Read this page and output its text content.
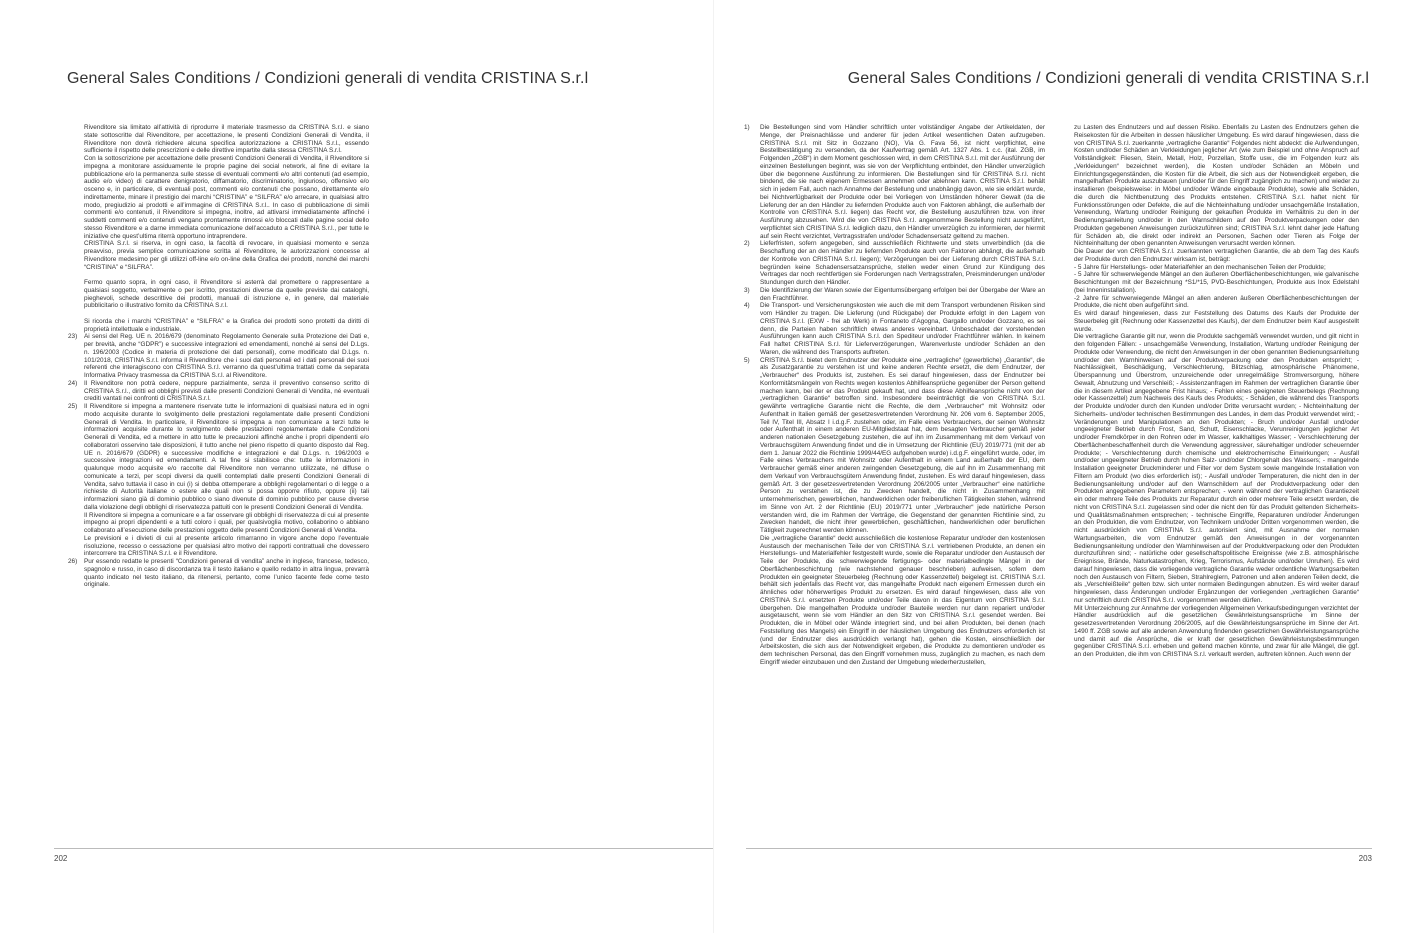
General Sales Conditions / Condizioni generali di vendita CRISTINA S.r.l

Rivenditore sia limitato all’attività di riprodurre il materiale trasmesso da CRISTINA S.r.l. e siano state sottoscritte dal Rivenditore, per accettazione, le presenti Condizioni Generali di Vendita, il Rivenditore non dovrà richiedere alcuna specifica autorizzazione a CRISTINA S.r.l., essendo sufficiente il rispetto delle prescrizioni e delle direttive impartite dalla stessa CRISTINA S.r.l.

Con la sottoscrizione per accettazione delle presenti Condizioni Generali di Vendita, il Rivenditore si impegna a monitorare assiduamente le proprie pagine dei social network, al fine di evitare la pubblicazione e/o la permanenza sulle stesse di eventuali commenti e/o altri contenuti (ad esempio, audio e/o video) di carattere denigratorio, diffamatorio, discriminatorio, ingiurioso, offensivo e/o osceno e, in particolare, di eventuali post, commenti e/o contenuti che possano, direttamente e/o indirettamente, minare il prestigio dei marchi “CRISTINA” e “SILFRA” e/o arrecare, in qualsiasi altro modo, pregiudizio ai prodotti e all’immagine di CRISTINA S.r.l.. In caso di pubblicazione di simili commenti e/o contenuti, il Rivenditore si impegna, inoltre, ad attivarsi immediatamente affinché i suddetti commenti e/o contenuti vengano prontamente rimossi e/o bloccati dalle pagine social dello stesso Rivenditore e a darne immediata comunicazione dell’accaduto a CRISTINA S.r.l., per tutte le iniziative che quest’ultima riterrà opportuno intraprendere.

CRISTINA S.r.l. si riserva, in ogni caso, la facoltà di revocare, in qualsiasi momento e senza preavviso, previa semplice comunicazione scritta al Rivenditore, le autorizzazioni concesse al Rivenditore medesimo per gli utilizzi off-line e/o on-line della Grafica dei prodotti, nonché dei marchi “CRISTINA” e “SILFRA”.

Fermo quanto sopra, in ogni caso, il Rivenditore si asterrà dal promettere o rappresentare a qualsiasi soggetto, verbalmente o per iscritto, prestazioni diverse da quelle previste dai cataloghi, pieghevoli, schede descrittive dei prodotti, manuali di istruzione e, in genere, dal materiale pubblicitario o illustrativo fornito da CRISTINA S.r.l.

Si ricorda che i marchi “CRISTINA” e “SILFRA” e la Grafica dei prodotti sono protetti da diritti di proprietà intellettuale e industriale.

23)	Ai sensi del Reg. UE n. 2016/679 (denominato Regolamento Generale sulla Protezione dei Dati e, per brevità, anche “GDPR”) e successive integrazioni ed emendamenti, nonché ai sensi del D.Lgs. n. 196/2003 (Codice in materia di protezione dei dati personali), come modificato dal D.Lgs. n. 101/2018, CRISTINA S.r.l. informa il Rivenditore che i suoi dati personali ed i dati personali dei suoi referenti che interagiscono con CRISTINA S.r.l. verranno da quest’ultima trattati come da separata Informativa Privacy trasmessa da CRISTINA S.r.l. al Rivenditore.

24)	Il Rivenditore non potrà cedere, neppure parzialmente, senza il preventivo consenso scritto di CRISTINA S.r.l., diritti ed obblighi previsti dalle presenti Condizioni Generali di Vendita, né eventuali crediti vantati nei confronti di CRISTINA S.r.l.

25)	Il Rivenditore si impegna a mantenere riservate tutte le informazioni di qualsiasi natura ed in ogni modo acquisite durante lo svolgimento delle prestazioni regolamentate dalle presenti Condizioni Generali di Vendita. In particolare, il Rivenditore si impegna a non comunicare a terzi tutte le informazioni acquisite durante lo svolgimento delle prestazioni regolamentate dalle Condizioni Generali di Vendita, ed a mettere in atto tutte le precauzioni affinché anche i propri dipendenti e/o collaboratori osservino tale disposizioni, il tutto anche nel pieno rispetto di quanto disposto dal Reg. UE n. 2016/679 (GDPR) e successive modifiche e integrazioni e dal D.Lgs. n. 196/2003 e successive integrazioni ed emendamenti. A tal fine si stabilisce che: tutte le informazioni in qualunque modo acquisite e/o raccolte dal Rivenditore non verranno utilizzate, né diffuse o comunicate a terzi, per scopi diversi da quelli contemplati dalle presenti Condizioni Generali di Vendita, salvo tuttavia il caso in cui (i) si debba ottemperare a obblighi regolamentari o di legge o a richieste di Autorità italiane o estere alle quali non si possa opporre rifiuto, oppure (ii) tali informazioni siano già di dominio pubblico o siano divenute di dominio pubblico per cause diverse dalla violazione degli obblighi di riservatezza pattuiti con le presenti Condizioni Generali di Vendita.

Il Rivenditore si impegna a comunicare e a far osservare gli obblighi di riservatezza di cui al presente impegno ai propri dipendenti e a tutti coloro i quali, per qualsivoglia motivo, collaborino o abbiano collaborato all’esecuzione delle prestazioni oggetto delle presenti Condizioni Generali di Vendita.

Le previsioni e i divieti di cui al presente articolo rimarranno in vigore anche dopo l’eventuale risoluzione, recesso o cessazione per qualsiasi altro motivo dei rapporti contrattuali che dovessero intercorrere tra CRISTINA S.r.l. e il Rivenditore.

26)	Pur essendo redatte le presenti “Condizioni generali di vendita” anche in inglese, francese, tedesco, spagnolo e russo, in caso di discordanza tra il testo italiano e quello redatto in altra lingua, prevarrà quanto indicato nel testo italiano, da ritenersi, pertanto, come l’unico facente fede come testo originale.

202
General Sales Conditions / Condizioni generali di vendita CRISTINA S.r.l
1)	Die Bestellungen sind vom Händler schriftlich unter vollständiger Angabe der Artikeldaten, der Menge, der Preisnachlässe und anderer für jeden Artikel wesentlichen Daten aufzugeben. CRISTINA S.r.l. mit Sitz in Gozzano (NO), Via G. Fava 56, ist nicht verpflichtet, eine Bestellbestätigung zu versenden, da der Kaufvertrag gemäß Art. 1327 Abs. 1 c.c. (ital. ZGB, im Folgenden „ZGB“) in dem Moment geschlossen wird, in dem CRISTINA S.r.l. mit der Ausführung der einzelnen Bestellungen beginnt, was sie von der Verpflichtung entbindet, den Händler unverzüglich über die begonnene Ausführung zu informieren. Die Bestellungen sind für CRISTINA S.r.l. nicht bindend, die sie nach eigenem Ermessen annehmen oder ablehnen kann. CRISTINA S.r.l. behält sich in jedem Fall, auch nach Annahme der Bestellung und unabhängig davon, wie sie erklärt wurde, bei Nichtverfügbarkeit der Produkte oder bei Vorliegen von Umständen höherer Gewalt (da die Lieferung der an den Händler zu liefernden Produkte auch von Faktoren abhängt, die außerhalb der Kontrolle von CRISTINA S.r.l. liegen) das Recht vor, die Bestellung auszuführen bzw. von ihrer Ausführung abzusehen. Wird die von CRISTINA S.r.l. angenommene Bestellung nicht ausgeführt, verpflichtet sich CRISTINA S.r.l. lediglich dazu, den Händler unverzüglich zu informieren, der hiermit auf sein Recht verzichtet, Vertragsstrafen und/oder Schadensersatz geltend zu machen.

2)	Lieferfristen, sofern angegeben, sind ausschließlich Richtwerte und stets unverbindlich (da die Beschaffung der an den Händler zu liefernden Produkte auch von Faktoren abhängt, die außerhalb der Kontrolle von CRISTINA S.r.l. liegen); Verzögerungen bei der Lieferung durch CRISTINA S.r.l. begründen keine Schadensersatzansprüche, stellen weder einen Grund zur Kündigung des Vertrages dar noch rechtfertigen sie Forderungen nach Vertragsstrafen, Preisminderungen und/oder Stundungen durch den Händler.

3)	Die Identifizierung der Waren sowie der Eigentumsübergang erfolgen bei der Übergabe der Ware an den Frachtführer.

4)	Die Transport- und Versicherungskosten wie auch die mit dem Transport verbundenen Risiken sind vom Händler zu tragen. Die Lieferung (und Rückgabe) der Produkte erfolgt in den Lagern von CRISTINA S.r.l. (EXW - frei ab Werk) in Fontaneto d’Agogna, Gargallo und/oder Gozzano, es sei denn, die Parteien haben schriftlich etwas anderes vereinbart. Unbeschadet der vorstehenden Ausführungen kann auch CRISTINA S.r.l. den Spediteur und/oder Frachtführer wählen. In keinem Fall haftet CRISTINA S.r.l. für Lieferverzögerungen, Warenverluste und/oder Schäden an den Waren, die während des Transports auftreten.

5)	CRISTINA S.r.l. bietet dem Endnutzer der Produkte eine „vertragliche“ (gewerbliche) „Garantie“, die als Zusatzgarantie zu verstehen ist und keine anderen Rechte ersetzt, die dem Endnutzer, der „Verbraucher“ des Produkts ist, zustehen. Es sei darauf hingewiesen, dass der Endnutzer bei Konformitätsmängeln von Rechts wegen kostenlos Abhilfeansprüche gegenüber der Person geltend machen kann, bei der er das Produkt gekauft hat, und dass diese Abhilfeansprüche nicht von der „vertraglichen Garantie“ betroffen sind. Insbesondere beeinträchtigt die von CRISTINA S.r.l. gewährte vertragliche Garantie nicht die Rechte, die dem „Verbraucher“ mit Wohnsitz oder Aufenthalt in Italien gemäß der gesetzesvertretenden Verordnung Nr. 206 vom 6. September 2005, Teil IV, Titel III, Absatz I i.d.g.F. zustehen oder, im Falle eines Verbrauchers, der seinen Wohnsitz oder Aufenthalt in einem anderen EU-Mitgliedstaat hat, dem besagten Verbraucher gemäß jeder anderen nationalen Gesetzgebung zustehen, die auf ihn im Zusammenhang mit dem Verkauf von Verbrauchsgütern Anwendung findet und die in Umsetzung der Richtlinie (EU) 2019/771 (mit der ab dem 1. Januar 2022 die Richtlinie 1999/44/EG aufgehoben wurde) i.d.g.F. eingeführt wurde, oder, im Falle eines Verbrauchers mit Wohnsitz oder Aufenthalt in einem Land außerhalb der EU, dem Verbraucher gemäß einer anderen zwingenden Gesetzgebung, die auf ihn im Zusammenhang mit dem Verkauf von Verbrauchsgütern Anwendung findet, zustehen. Es wird darauf hingewiesen, dass gemäß Art. 3 der gesetzesvertretenden Verordnung 206/2005 unter „Verbraucher“ eine natürliche Person zu verstehen ist, die zu Zwecken handelt, die nicht in Zusammenhang mit unternehmerischen, gewerblichen, handwerklichen oder freiberuflichen Tätigkeiten stehen, während im Sinne von Art. 2 der Richtlinie (EU) 2019/771 unter „Verbraucher“ jede natürliche Person verstanden wird, die im Rahmen der Verträge, die Gegenstand der genannten Richtlinie sind, zu Zwecken handelt, die nicht ihrer gewerblichen, geschäftlichen, handwerklichen oder beruflichen Tätigkeit zugerechnet werden können.

Die „vertragliche Garantie“ deckt ausschließlich die kostenlose Reparatur und/oder den kostenlosen Austausch der mechanischen Teile der von CRISTINA S.r.l. vertriebenen Produkte, an denen ein Herstellungs- und Materialfehler festgestellt wurde, sowie die Reparatur und/oder den Austausch der Teile der Produkte, die schwerwiegende fertigungs- oder materialbedingte Mängel in der Oberflächenbeschichtung (wie nachstehend genauer beschrieben) aufweisen, sofern dem Produkten ein geeigneter Steuerbeleg (Rechnung oder Kassenzettel) beigelegt ist. CRISTINA S.r.l. behält sich jedenfalls das Recht vor, das mangelhafte Produkt nach eigenem Ermessen durch ein ähnliches oder höherwertiges Produkt zu ersetzen. Es wird darauf hingewiesen, dass alle von CRISTINA S.r.l. ersetzten Produkte und/oder Teile davon in das Eigentum von CRISTINA S.r.l. übergehen. Die mangelhaften Produkte und/oder Bauteile werden nur dann repariert und/oder ausgetauscht, wenn sie vom Händler an den Sitz von CRISTINA S.r.l. gesendet werden. Bei Produkten, die in Möbel oder Wände integriert sind, und bei allen Produkten, bei denen (nach Feststellung des Mangels) ein Eingriff in der häuslichen Umgebung des Endnutzers erforderlich ist (und der Endnutzer dies ausdrücklich verlangt hat), gehen die Kosten, einschließlich der Arbeitskosten, die sich aus der Notwendigkeit ergeben, die Produkte zu demontieren und/oder es dem technischen Personal, das den Eingriff vornehmen muss, zugänglich zu machen, es nach dem Eingriff wieder einzubauen und den Zustand der Umgebung wiederherzustellen,

zu Lasten des Endnutzers und auf dessen Risiko. Ebenfalls zu Lasten des Endnutzers gehen die Reisekosten für die Arbeiten in dessen häuslicher Umgebung. Es wird darauf hingewiesen, dass die von CRISTINA S.r.l. zuerkannte „vertragliche Garantie“ Folgendes nicht abdeckt: die Aufwendungen, Kosten und/oder Schäden an Verkleidungen jeglicher Art (wie zum Beispiel und ohne Anspruch auf Vollständigkeit: Fliesen, Stein, Metall, Holz, Porzellan, Stoffe usw., die im Folgenden kurz als „Verkleidungen“ bezeichnet werden), die Kosten und/oder Schäden an Möbeln und Einrichtungsgegenständen, die Kosten für die Arbeit, die sich aus der Notwendigkeit ergeben, die mangelhaften Produkte auszubauen (und/oder für den Eingriff zugänglich zu machen) und wieder zu installieren (beispielsweise: in Möbel und/oder Wände eingebaute Produkte), sowie alle Schäden, die durch die Nichtbenutzung des Produkts entstehen. CRISTINA S.r.l. haftet nicht für Funktionsstörungen oder Defekte, die auf die Nichteinhaltung und/oder unsachgemäße Installation, Verwendung, Wartung und/oder Reinigung der gekauften Produkte im Verhältnis zu den in der Bedienungsanleitung und/oder in den Warnschildern auf den Produktverpackungen oder den Produkten gegebenen Anweisungen zurückzuführen sind; CRISTINA S.r.l. lehnt daher jede Haftung für Schäden ab, die direkt oder indirekt an Personen, Sachen oder Tieren als Folge der Nichteinhaltung der oben genannten Anweisungen verursacht werden können.

Die Dauer der von CRISTINA S.r.l. zuerkannten vertraglichen Garantie, die ab dem Tag des Kaufs der Produkte durch den Endnutzer wirksam ist, beträgt:

- 5 Jahre für Herstellungs- oder Materialfehler an den mechanischen Teilen der Produkte;

- 5 Jahre für schwerwiegende Mängel an den äußeren Oberflächenbeschichtungen, wie galvanische Beschichtungen mit der Bezeichnung *S1/*15, PVD-Beschichtungen, Produkte aus Inox Edelstahl (bei Inneninstallation).

-2 Jahre für schwerwiegende Mängel an allen anderen äußeren Oberflächenbeschichtungen der Produkte, die nicht oben aufgeführt sind.

Es wird darauf hingewiesen, dass zur Feststellung des Datums des Kaufs der Produkte der Steuerbeleg gilt (Rechnung oder Kassenzettel des Kaufs), der dem Endnutzer beim Kauf ausgestellt wurde.

Die vertragliche Garantie gilt nur, wenn die Produkte sachgemäß verwendet wurden, und gilt nicht in den folgenden Fällen: - unsachgemäße Verwendung, Installation, Wartung und/oder Reinigung der Produkte oder Verwendung, die nicht den Anweisungen in der oben genannten Bedienungsanleitung und/oder den Warnhinweisen auf der Produktverpackung oder den Produkten entspricht; - Nachlässigkeit, Beschädigung, Verschlechterung, Blitzschlag, atmosphärische Phänomene, Überspannung und Überstrom, unzureichende oder unregelmäßige Stromversorgung, höhere Gewalt, Abnutzung und Verschleiß; - Assistenzanfragen im Rahmen der vertraglichen Garantie über die in diesem Artikel angegebene Frist hinaus; - Fehlen eines geeigneten Steuerbelegs (Rechnung oder Kassenzettel) zum Nachweis des Kaufs des Produkts; - Schäden, die während des Transports der Produkte und/oder durch den Kunden und/oder Dritte verursacht wurden; - Nichteinhaltung der Sicherheits- und/oder technischen Bestimmungen des Landes, in dem das Produkt verwendet wird; - Veränderungen und Manipulationen an den Produkten; - Bruch und/oder Ausfall und/oder ungeeigneter Betrieb durch Frost, Sand, Schutt, Eisenschlacke, Verunreinigungen jeglicher Art und/oder Fremdkörper in den Rohren oder im Wasser, kalkhaltiges Wasser; - Verschlechterung der Oberflächenbeschaffenheit durch die Verwendung aggressiver, säurehaltiger und/oder scheuernder Produkte; - Verschlechterung durch chemische und elektrochemische Einwirkungen; - Ausfall und/oder ungeeigneter Betrieb durch hohen Salz- und/oder Chlorgehalt des Wassers; - mangelnde Installation geeigneter Druckminderer und Filter vor dem System sowie mangelnde Installation von Filtern am Produkt (wo dies erforderlich ist); - Ausfall und/oder Temperaturen, die nicht den in der Bedienungsanleitung und/oder auf den Warnschildern auf der Produktverpackung oder den Produkten angegebenen Parametern entsprechen; - wenn während der vertraglichen Garantiezeit ein oder mehrere Teile des Produkts zur Reparatur durch ein oder mehrere Teile ersetzt werden, die nicht von CRISTINA S.r.l. zugelassen sind oder die nicht den für das Produkt geltenden Sicherheits- und Qualitätsmaßnahmen entsprechen; - technische Eingriffe, Reparaturen und/oder Änderungen an den Produkten, die vom Endnutzer, von Technikern und/oder Dritten vorgenommen werden, die nicht ausdrücklich von CRISTINA S.r.l. autorisiert sind, mit Ausnahme der normalen Wartungsarbeiten, die vom Endnutzer gemäß den Anweisungen in der vorgenannten Bedienungsanleitung und/oder den Warnhinweisen auf der Produktverpackung oder den Produkten durchzuführen sind; - natürliche oder gesellschaftspolitische Ereignisse (wie z.B. atmosphärische Ereignisse, Brände, Naturkatastrophen, Krieg, Terrorismus, Aufstände und/oder Unruhen). Es wird darauf hingewiesen, dass die vorliegende vertragliche Garantie weder ordentliche Wartungsarbeiten noch den Austausch von Filtern, Sieben, Strahlreglern, Patronen und allen anderen Teilen deckt, die als „Verschleißteile“ gelten bzw. sich unter normalen Bedingungen abnutzen. Es wird weiter darauf hingewiesen, dass Änderungen und/oder Ergänzungen der vorliegenden „vertraglichen Garantie“ nur schriftlich durch CRISTINA S.r.l. vorgenommen werden dürfen.

Mit Unterzeichnung zur Annahme der vorliegenden Allgemeinen Verkaufsbedingungen verzichtet der Händler ausdrücklich auf die gesetzlichen Gewährleistungsansprüche im Sinne der gesetzesvertretenden Verordnung 206/2005, auf die Gewährleistungsansprüche im Sinne der Art. 1490 ff. ZGB sowie auf alle anderen Anwendung findenden gesetzlichen Gewährleistungsansprüche und damit auf die Ansprüche, die er kraft der gesetzlichen Gewährleistungsbestimmungen gegenüber CRISTINA S.r.l. erheben und geltend machen könnte, und zwar für alle Mängel, die ggf. an den Produkten, die ihm von CRISTINA S.r.l. verkauft werden, auftreten können. Auch wenn der

203
